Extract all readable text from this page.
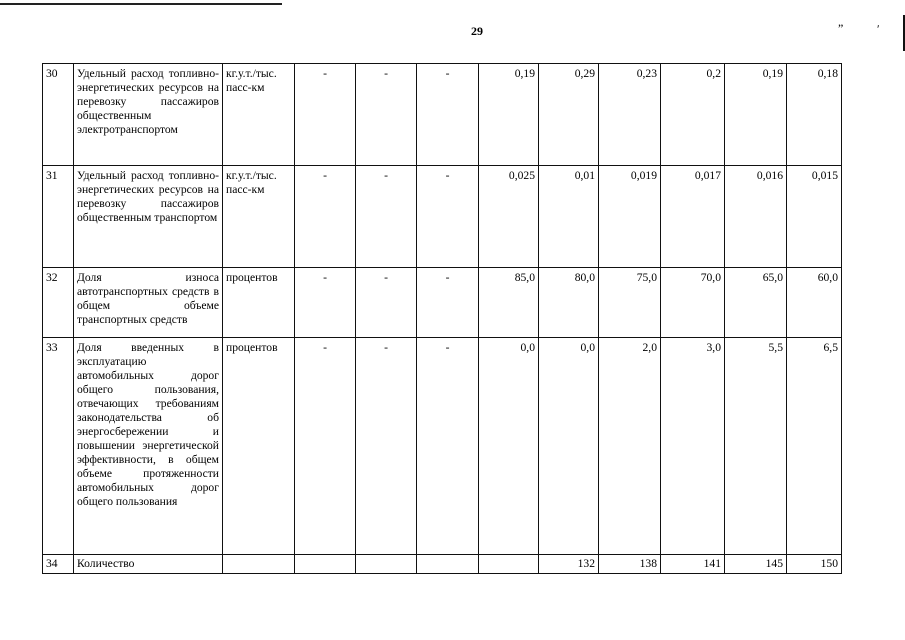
29	”	ʹ
30	Удельный расход топливно-энергетических ресурсов на перевозку пассажиров общественным электротранспортом	кг.у.т./тыс. пасс-км	-	-	-	0,19	0,29	0,23	0,2	0,19	0,18
31	Удельный расход топливно-энергетических ресурсов на перевозку пассажиров общественным транспортом	кг.у.т./тыс. пасс-км	-	-	-	0,025	0,01	0,019	0,017	0,016	0,015
32	Доля износа автотранспортных средств в общем объеме транспортных средств	процентов	-	-	-	85,0	80,0	75,0	70,0	65,0	60,0
33	Доля введенных в эксплуатацию автомобильных дорог общего пользования, отвечающих требованиям законодательства об энергосбережении и повышении энергетической эффективности, в общем объеме протяженности автомобильных дорог общего пользования	процентов	-	-	-	0,0	0,0	2,0	3,0	5,5	6,5
34	Количество						132	138	141	145	150
